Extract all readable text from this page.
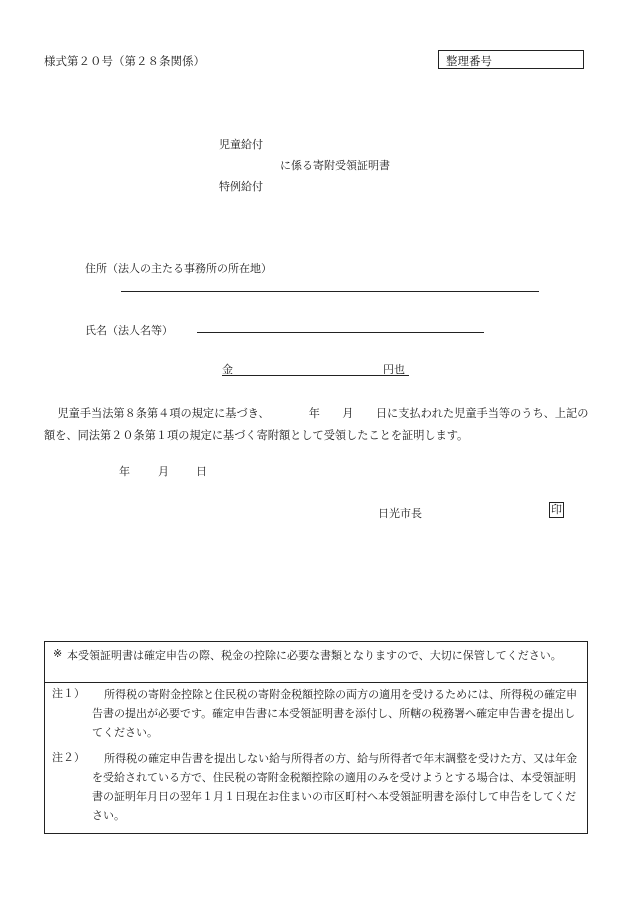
様式第２０号（第２８条関係）	整理番号
児童給付
に係る寄附受領証明書
特例給付
住所（法人の主たる事務所の所在地）
氏名（法人名等）
金	円也
児童手当法第８条第４項の規定に基づき、　　　　年　　月　　日に支払われた児童手当等のうち、上記の額を、同法第２０条第１項の規定に基づく寄附額として受領したことを証明します。
年	月 日
日光市長	印
※ 本受領証明書は確定申告の際、税金の控除に必要な書類となりますので、大切に保管してください。
注１）	所得税の寄附金控除と住民税の寄附金税額控除の両方の適用を受けるためには、所得税の確定申告書の提出が必要です。確定申告書に本受領証明書を添付し、所轄の税務署へ確定申告書を提出してください。
注２）	所得税の確定申告書を提出しない給与所得者の方、給与所得者で年末調整を受けた方、又は年金を受給されている方で、住民税の寄附金税額控除の適用のみを受けようとする場合は、本受領証明書の証明年月日の翌年１月１日現在お住まいの市区町村へ本受領証明書を添付して申告をしてください。
